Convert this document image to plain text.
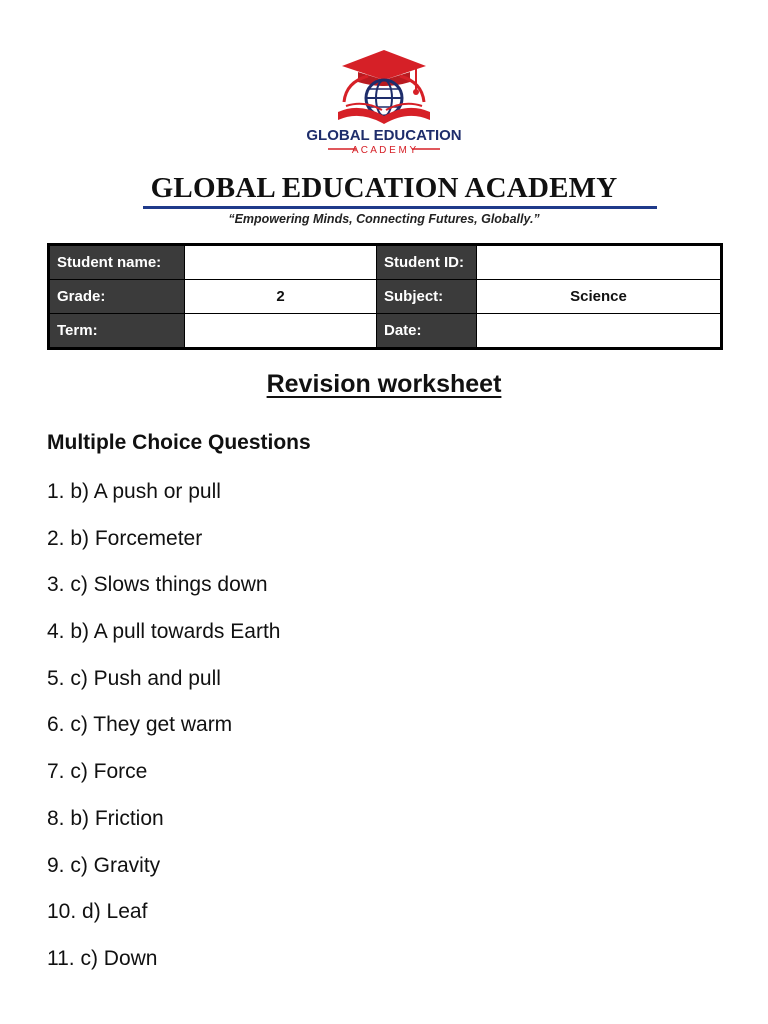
GLOBAL EDUCATION
A C A D E M Y
GLOBAL EDUCATION ACADEMY
“Empowering Minds, Connecting Futures, Globally.”
Student name:		Student ID:	
Grade:	2	Subject:	Science
Term:		Date:	
Revision worksheet
Multiple Choice Questions
1. b) A push or pull
2. b) Forcemeter
3. c) Slows things down
4. b) A pull towards Earth
5. c) Push and pull
6. c) They get warm
7. c) Force
8. b) Friction
9. c) Gravity
10. d) Leaf
11. c) Down
